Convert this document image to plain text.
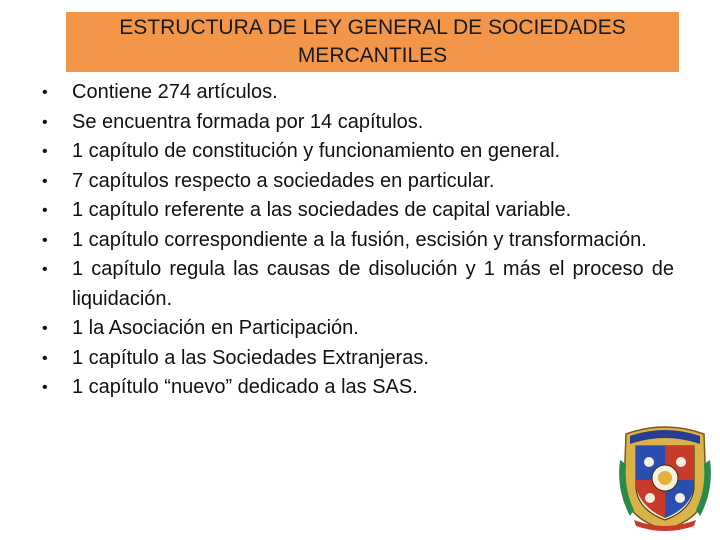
ESTRUCTURA DE LEY GENERAL DE SOCIEDADES MERCANTILES
•	Contiene 274 artículos.
•	Se encuentra formada por 14 capítulos.
•	1 capítulo de constitución y funcionamiento en general.
•	7 capítulos respecto a sociedades en particular.
•	1 capítulo referente a las sociedades de capital variable.
•	1 capítulo correspondiente a la fusión, escisión y transformación.
•	1 capítulo regula las causas de disolución y 1 más el proceso de liquidación.
•	1 la Asociación en Participación.
•	1 capítulo a las Sociedades Extranjeras.
•	1 capítulo “nuevo” dedicado a las SAS.
